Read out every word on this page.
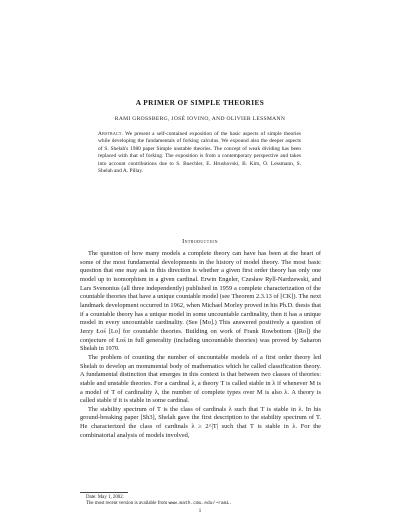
A PRIMER OF SIMPLE THEORIES
RAMI GROSSBERG, JOSÉ IOVINO, AND OLIVIER LESSMANN
Abstract. We present a self-contained exposition of the basic aspects of simple theories while developing the fundamentals of forking calculus. We expound also the deeper aspects of S. Shelah's 1980 paper Simple unstable theories. The concept of weak dividing has been replaced with that of forking. The exposition is from a contemporary perspective and takes into account contributions due to S. Buechler, E. Hrushovski, B. Kim, O. Lessmann, S. Shelah and A. Pillay.
Introduction

The question of how many models a complete theory can have has been at the heart of some of the most fundamental developments in the history of model theory. The most basic question that one may ask in this direction is whether a given first order theory has only one model up to isomorphism in a given cardinal. Erwin Engeler, Czesław Ryll-Nardzewski, and Lars Svenonius (all three independently) published in 1959 a complete characterization of the countable theories that have a unique countable model (see Theorem 2.3.13 of [CK]). The next landmark development occurred in 1962, when Michael Morley proved in his Ph.D. thesis that if a countable theory has a unique model in some uncountable cardinality, then it has a unique model in every uncountable cardinality. (See [Mo].) This answered positively a question of Jerzy Łoś [Lo] for countable theories. Building on work of Frank Rowbottom ([Ro]) the conjecture of Łoś in full generality (including uncountable theories) was proved by Saharon Shelah in 1970.

The problem of counting the number of uncountable models of a first order theory led Shelah to develop an monumental body of mathematics which he called classification theory. A fundamental distinction that emerges in this context is that between two classes of theories: stable and unstable theories. For a cardinal λ, a theory T is called stable in λ if whenever M is a model of T of cardinality λ, the number of complete types over M is also λ. A theory is called stable if it is stable in some cardinal.

The stability spectrum of T is the class of cardinals λ such that T is stable in λ. In his ground-breaking paper [Sh3], Shelah gave the first description to the stability spectrum of T. He characterized the class of cardinals λ ≥ 2^|T| such that T is stable in λ. For the combinatorial analysis of models involved,

Date: May 1, 2002.
The most recent version is available from www.math.cmu.edu/~rami.
1
